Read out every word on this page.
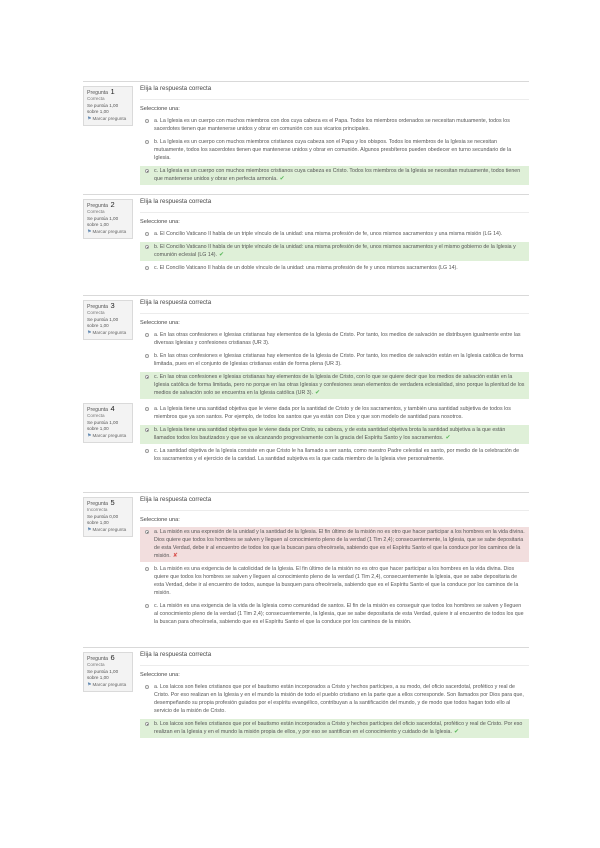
Pregunta 1
Correcta
Se puntúa 1,00 sobre 1,00
⚑Marcar pregunta
Elija la respuesta correcta
Seleccione una:
a. La Iglesia es un cuerpo con muchos miembros con dos cuya cabeza es el Papa. Todos los miembros ordenados se necesitan mutuamente, todos los sacerdotes tienen que mantenerse unidos y obrar en comunión con sus vicarios principales.
b. La Iglesia es un cuerpo con muchos miembros cristianos cuya cabeza son el Papa y los obispos. Todos los miembros de la Iglesia se necesitan mutuamente, todos los sacerdotes tienen que mantenerse unidos y obrar en comunión. Algunos presbíteros pueden obedecer en turno secundario de la Iglesia.
c. La Iglesia es un cuerpo con muchos miembros cristianos cuya cabeza es Cristo. Todos los miembros de la Iglesia se necesitan mutuamente, todos tienen que mantenerse unidos y obrar en perfecta armonía. ✔
Pregunta 2
Correcta
Se puntúa 1,00 sobre 1,00
⚑Marcar pregunta
Elija la respuesta correcta
Seleccione una:
a. El Concilio Vaticano II habla de un triple vínculo de la unidad: una misma profesión de fe, unos mismos sacramentos y una misma misión (LG 14).
b. El Concilio Vaticano II habla de un triple vínculo de la unidad: una misma profesión de fe, unos mismos sacramentos y el mismo gobierno de la Iglesia y comunión eclesial (LG 14). ✔
c. El Concilio Vaticano II habla de un doble vínculo de la unidad: una misma profesión de fe y unos mismos sacramentos (LG 14).
Pregunta 3
Correcta
Se puntúa 1,00 sobre 1,00
⚑Marcar pregunta
Elija la respuesta correcta
Seleccione una:
a. En las otras confesiones e Iglesias cristianas hay elementos de la Iglesia de Cristo. Por tanto, los medios de salvación se distribuyen igualmente entre las diversas Iglesias y confesiones cristianas (UR 3).
b. En las otras confesiones e Iglesias cristianas hay elementos de la Iglesia de Cristo. Por tanto, los medios de salvación están en la Iglesia católica de forma limitada, pues en el conjunto de Iglesias cristianas están de forma plena (UR 3).
c. En las otras confesiones e Iglesias cristianas hay elementos de la Iglesia de Cristo, con lo que se quiere decir que los medios de salvación están en la Iglesia católica de forma limitada, pero no porque en las otras Iglesias y confesiones sean elementos de verdadera eclesialidad, sino porque la plenitud de los medios de salvación solo se encuentra en la Iglesia católica (UR 3). ✔
Pregunta 4
Correcta
Se puntúa 1,00 sobre 1,00
⚑Marcar pregunta
a. La Iglesia tiene una santidad objetiva que le viene dada por la santidad de Cristo y de los sacramentos, y también una santidad subjetiva de todos los miembros que ya son santos. Por ejemplo, de todos los santos que ya están con Dios y que son modelo de santidad para nosotros.
b. La Iglesia tiene una santidad objetiva que le viene dada por Cristo, su cabeza, y de esta santidad objetiva brota la santidad subjetiva a la que están llamados todos los bautizados y que se va alcanzando progresivamente con la gracia del Espíritu Santo y los sacramentos. ✔
c. La santidad objetiva de la Iglesia consiste en que Cristo le ha llamado a ser santa, como nuestro Padre celestial es santo, por medio de la celebración de los sacramentos y el ejercicio de la caridad. La santidad subjetiva es la que cada miembro de la Iglesia vive personalmente.
Pregunta 5
Incorrecta
Se puntúa 0,00 sobre 1,00
⚑Marcar pregunta
Elija la respuesta correcta
Seleccione una:
a. La misión es una expresión de la unidad y la santidad de la Iglesia. El fin último de la misión no es otro que hacer participar a los hombres en la vida divina. Dios quiere que todos los hombres se salven y lleguen al conocimiento pleno de la verdad (1 Tim 2,4); consecuentemente, la Iglesia, que se sabe depositaria de esta Verdad, debe ir al encuentro de todos los que la buscan para ofrecérsela, sabiendo que es el Espíritu Santo el que la conduce por los caminos de la misión. ✘
b. La misión es una exigencia de la catolicidad de la Iglesia. El fin último de la misión no es otro que hacer participar a los hombres en la vida divina. Dios quiere que todos los hombres se salven y lleguen al conocimiento pleno de la verdad (1 Tim 2,4), consecuentemente la Iglesia, que se sabe depositaria de esta Verdad, debe ir al encuentro de todos, aunque la busquen para ofrecérsela, sabiendo que es el Espíritu Santo el que la conduce por los caminos de la misión.
c. La misión es una exigencia de la vida de la Iglesia como comunidad de santos. El fin de la misión es conseguir que todos los hombres se salven y lleguen al conocimiento pleno de la verdad (1 Tim 2,4); consecuentemente, la Iglesia, que se sabe depositaria de esta Verdad, quiere ir al encuentro de todos los que la buscan para ofrecérsela, sabiendo que es el Espíritu Santo el que la conduce por los caminos de la misión.
Pregunta 6
Correcta
Se puntúa 1,00 sobre 1,00
⚑Marcar pregunta
Elija la respuesta correcta
Seleccione una:
a. Los laicos son fieles cristianos que por el bautismo están incorporados a Cristo y hechos partícipes, a su modo, del oficio sacerdotal, profético y real de Cristo. Por eso realizan en la Iglesia y en el mundo la misión de todo el pueblo cristiano en la parte que a ellos corresponde. Son llamados por Dios para que, desempeñando su propia profesión guiados por el espíritu evangélico, contribuyan a la santificación del mundo, y de modo que todos hagan todo ello al servicio de la misión de Cristo.
b. Los laicos son fieles cristianos que por el bautismo están incorporados a Cristo y hechos partícipes del oficio sacerdotal, profético y real de Cristo. Por eso realizan en la Iglesia y en el mundo la misión propia de ellos, y por eso se santifican en el conocimiento y cuidado de la Iglesia. ✔
